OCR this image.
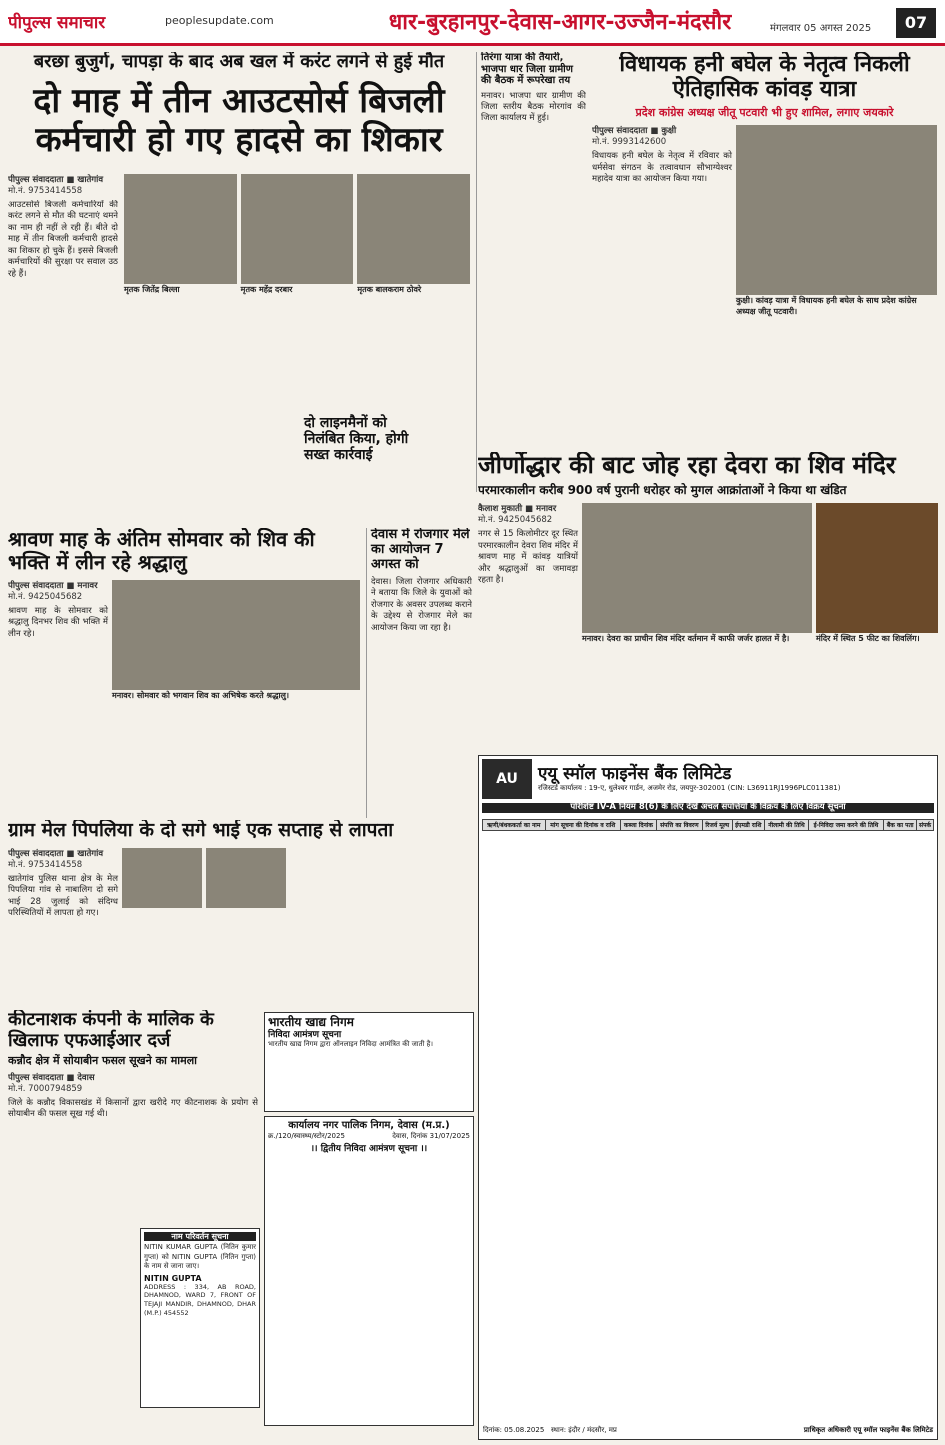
पीपुल्स समाचार	peoplesupdate.com	धार-बुरहानपुर-देवास-आगर-उज्जैन-मंदसौर	मंगलवार 05 अगस्त 2025	07
बरछा बुजुर्ग, चापड़ा के बाद अब खल में करंट लगने से हुई मौत
दो माह में तीन आउटसोर्स बिजली कर्मचारी हो गए हादसे का शिकार
पीपुल्स संवाददाता ■ खातेगांव
मो.नं. 9753414558
आउटसोर्स बिजली कर्मचारियों की करंट लगने से मौत की घटनाएं थमने का नाम ही नहीं ले रही हैं। बीते दो माह में तीन बिजली कर्मचारी हादसे का शिकार हो चुके हैं। इससे बिजली कर्मचारियों की सुरक्षा पर सवाल उठ रहे हैं।
मृतक जितेंद्र बिल्ला	मृतक महेंद्र दरबार	मृतक बालकराम ठोवरे
दो लाइनमैनों को निलंबित किया, होगी सख्त कार्रवाई
तिरंगा यात्रा की तैयारी, भाजपा धार जिला ग्रामीण की बैठक में रूपरेखा तय
मनावर। भाजपा धार ग्रामीण की जिला स्तरीय बैठक मोरगांव की जिला कार्यालय में हुई।
विधायक हनी बघेल के नेतृत्व निकली ऐतिहासिक कांवड़ यात्रा
प्रदेश कांग्रेस अध्यक्ष जीतू पटवारी भी हुए शामिल, लगाए जयकारे
पीपुल्स संवाददाता ■ कुक्षी
मो.नं. 9993142600
विधायक हनी बघेल के नेतृत्व में रविवार को धर्मसेवा संगठन के तत्वावधान सौभाग्येश्वर महादेव यात्रा का आयोजन किया गया।
कुक्षी। कांवड़ यात्रा में विधायक हनी बघेल के साथ प्रदेश कांग्रेस अध्यक्ष जीतू पटवारी।
जीर्णोद्धार की बाट जोह रहा देवरा का शिव मंदिर
परमारकालीन करीब 900 वर्ष पुरानी धरोहर को मुगल आक्रांताओं ने किया था खंडित
कैलाश मुकाती ■ मनावर
मो.नं. 9425045682
नगर से 15 किलोमीटर दूर स्थित परमारकालीन देवरा शिव मंदिर में श्रावण माह में कांवड़ यात्रियों और श्रद्धालुओं का जमावड़ा रहता है।
मनावर। देवरा का प्राचीन शिव मंदिर वर्तमान में काफी जर्जर हालत में है।	मंदिर में स्थित 5 फीट का शिवलिंग।
श्रावण माह के अंतिम सोमवार को शिव की भक्ति में लीन रहे श्रद्धालु
पीपुल्स संवाददाता ■ मनावर
मो.नं. 9425045682
श्रावण माह के सोमवार को श्रद्धालु दिनभर शिव की भक्ति में लीन रहे।
मनावर। सोमवार को भगवान शिव का अभिषेक करते श्रद्धालु।
देवास में रोजगार मेले का आयोजन 7 अगस्त को
देवास। जिला रोजगार अधिकारी ने बताया कि जिले के युवाओं को रोजगार के अवसर उपलब्ध कराने के उद्देश्य से रोजगार मेले का आयोजन किया जा रहा है।
ग्राम मेल पिपलिया के दो सगे भाई एक सप्ताह से लापता
पीपुल्स संवाददाता ■ खातेगांव
मो.नं. 9753414558
खातेगांव पुलिस थाना क्षेत्र के मेल पिपलिया गांव से नाबालिग दो सगे भाई 28 जुलाई को संदिग्ध परिस्थितियों में लापता हो गए।
कीटनाशक कंपनी के मालिक के खिलाफ एफआईआर दर्ज
कन्नौद क्षेत्र में सोयाबीन फसल सूखने का मामला
पीपुल्स संवाददाता ■ देवास
मो.नं. 7000794859
जिले के कन्नौद विकासखंड में किसानों द्वारा खरीदे गए कीटनाशक के प्रयोग से सोयाबीन की फसल सूख गई थी।
नाम परिवर्तन सूचना
NITIN KUMAR GUPTA (नितिन कुमार गुप्ता) को NITIN GUPTA (नितिन गुप्ता) के नाम से जाना जाए।
NITIN GUPTA
ADDRESS : 334, AB ROAD, DHAMNOD, WARD 7, FRONT OF TEJAJI MANDIR, DHAMNOD, DHAR (M.P.) 454552
भारतीय खाद्य निगम
निविदा आमंत्रण सूचना
भारतीय खाद्य निगम द्वारा ऑनलाइन निविदा आमंत्रित की जाती है।
कार्यालय नगर पालिक निगम, देवास (म.प्र.)
क्र./120/स्वास्थ्य/स्टोर/2025	देवास, दिनांक 31/07/2025
।। द्वितीय निविदा आमंत्रण सूचना ।।
AU	एयू स्मॉल फाइनेंस बैंक लिमिटेड
रजिस्टर्ड कार्यालय : 19-ए, धुलेश्वर गार्डन, अजमेर रोड, जयपुर-302001 (CIN: L36911RJ1996PLC011381)
परिशिष्ट IV-A नियम 8(6) के लिए देखें अचल संपत्तियों के विक्रय के लिए विक्रय सूचना
ऋणी/बंधककर्ता का नाम	मांग सूचना की दिनांक व राशि	कब्जा दिनांक	संपत्ति का विवरण	रिजर्व मूल्य	ईएमडी राशि	नीलामी की तिथि	ई-निविदा जमा करने की तिथि	बैंक का पता	संपर्क
दिनांक: 05.08.2025 स्थान: इंदौर / मंदसौर, मप्र	प्राधिकृत अधिकारी एयू स्मॉल फाइनेंस बैंक लिमिटेड
